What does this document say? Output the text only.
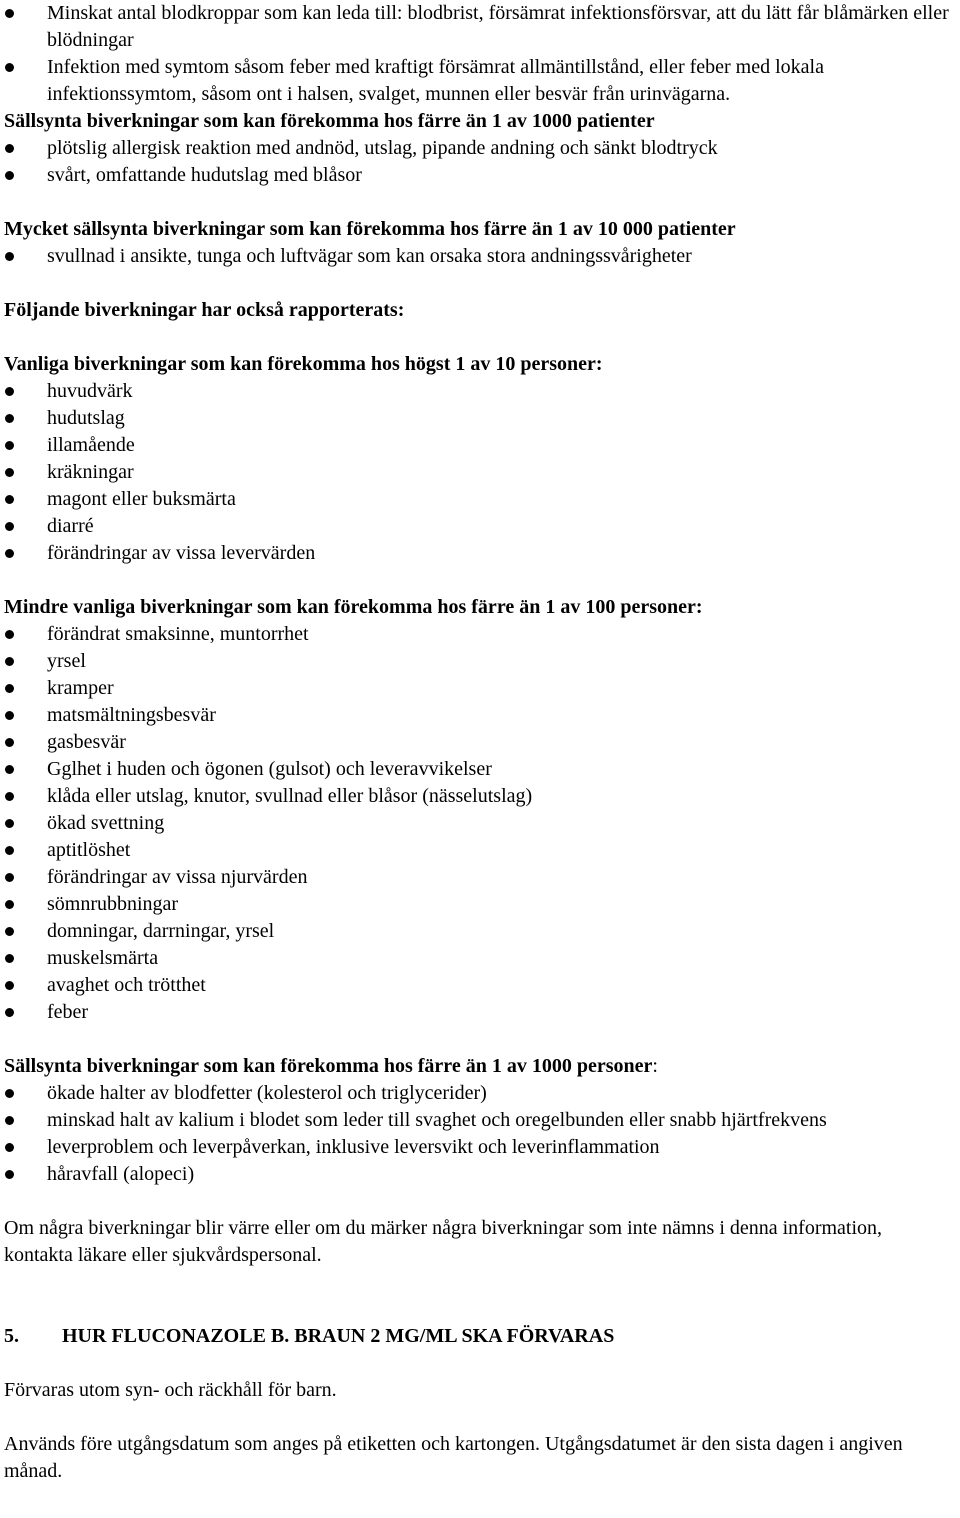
Minskat antal blodkroppar som kan leda till: blodbrist, försämrat infektionsförsvar, att du lätt får blåmärken eller blödningar
Infektion med symtom såsom feber med kraftigt försämrat allmäntillstånd, eller feber med lokala infektionssymtom, såsom ont i halsen, svalget, munnen eller besvär från urinvägarna.
Sällsynta biverkningar som kan förekomma hos färre än 1 av 1000 patienter
plötslig allergisk reaktion med andnöd, utslag, pipande andning och sänkt blodtryck
svårt, omfattande hudutslag med blåsor
Mycket sällsynta biverkningar som kan förekomma hos färre än 1 av 10 000 patienter
svullnad i ansikte, tunga och luftvägar som kan orsaka stora andningssvårigheter
Följande biverkningar har också rapporterats:
Vanliga biverkningar som kan förekomma hos högst 1 av 10 personer:
huvudvärk
hudutslag
illamående
kräkningar
magont eller buksmärta
diarré
förändringar av vissa levervärden
Mindre vanliga biverkningar som kan förekomma hos färre än 1 av 100 personer:
förändrat smaksinne, muntorrhet
yrsel
kramper
matsmältningsbesvär
gasbesvär
Gglhet i huden och ögonen (gulsot) och leveravvikelser
klåda eller utslag, knutor, svullnad eller blåsor (nässelutslag)
ökad svettning
aptitlöshet
förändringar av vissa njurvärden
sömnrubbningar
domningar, darrningar, yrsel
muskelsmärta
avaghet och trötthet
feber
Sällsynta biverkningar som kan förekomma hos färre än 1 av 1000 personer:
ökade halter av blodfetter (kolesterol och triglycerider)
minskad halt av kalium i blodet som leder till svaghet och oregelbunden eller snabb hjärtfrekvens
leverproblem och leverpåverkan, inklusive leversvikt och leverinflammation
håravfall (alopeci)

Om några biverkningar blir värre eller om du märker några biverkningar som inte nämns i denna information, kontakta läkare eller sjukvårdspersonal.

5.	HUR FLUCONAZOLE B. BRAUN 2 MG/ML SKA FÖRVARAS

Förvaras utom syn- och räckhåll för barn.

Används före utgångsdatum som anges på etiketten och kartongen. Utgångsdatumet är den sista dagen i angiven månad.
